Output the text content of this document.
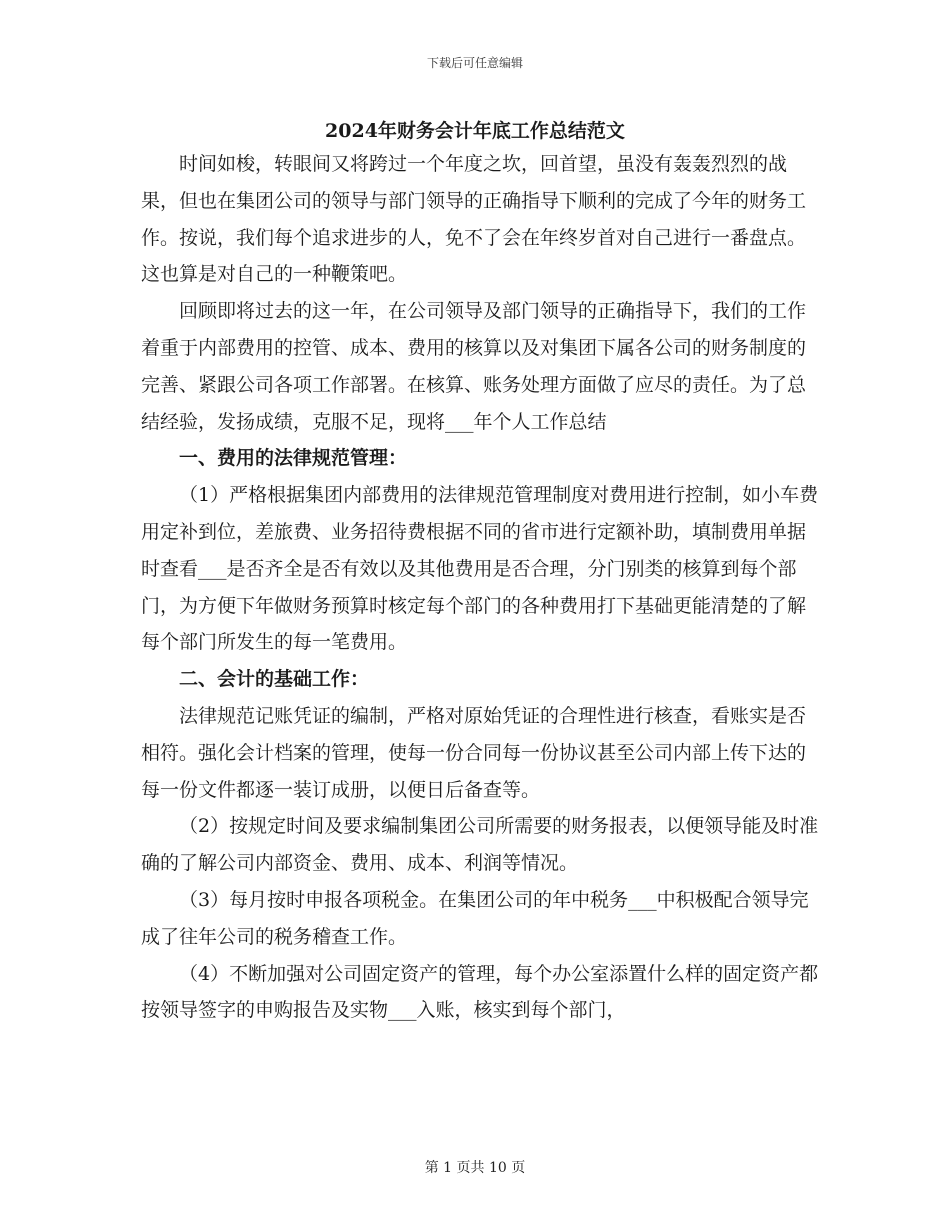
下载后可任意编辑
2024年财务会计年底工作总结范文

时间如梭，转眼间又将跨过一个年度之坎，回首望，虽没有轰轰烈烈的战果，但也在集团公司的领导与部门领导的正确指导下顺利的完成了今年的财务工作。按说，我们每个追求进步的人，免不了会在年终岁首对自己进行一番盘点。这也算是对自己的一种鞭策吧。

回顾即将过去的这一年，在公司领导及部门领导的正确指导下，我们的工作着重于内部费用的控管、成本、费用的核算以及对集团下属各公司的财务制度的完善、紧跟公司各项工作部署。在核算、账务处理方面做了应尽的责任。为了总结经验，发扬成绩，克服不足，现将___年个人工作总结

一、费用的法律规范管理：

（1）严格根据集团内部费用的法律规范管理制度对费用进行控制，如小车费用定补到位，差旅费、业务招待费根据不同的省市进行定额补助，填制费用单据时查看___是否齐全是否有效以及其他费用是否合理，分门别类的核算到每个部门，为方便下年做财务预算时核定每个部门的各种费用打下基础更能清楚的了解每个部门所发生的每一笔费用。

二、会计的基础工作：

法律规范记账凭证的编制，严格对原始凭证的合理性进行核查，看账实是否相符。强化会计档案的管理，使每一份合同每一份协议甚至公司内部上传下达的每一份文件都逐一装订成册，以便日后备查等。

（2）按规定时间及要求编制集团公司所需要的财务报表，以便领导能及时准确的了解公司内部资金、费用、成本、利润等情况。

（3）每月按时申报各项税金。在集团公司的年中税务___中积极配合领导完成了往年公司的税务稽查工作。

（4）不断加强对公司固定资产的管理，每个办公室添置什么样的固定资产都按领导签字的申购报告及实物___入账，核实到每个部门，

第 1 页共 10 页
